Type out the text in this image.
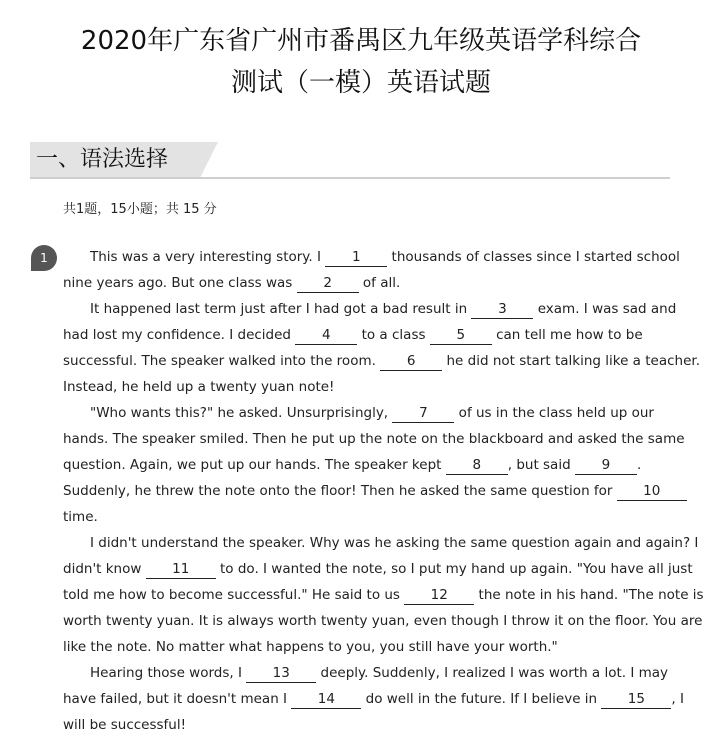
2020年广东省广州市番禺区九年级英语学科综合
测试（一模）英语试题
一、语法选择
共1题，15小题；共 15 分
1	This was a very interesting story. I 1 thousands of classes since I started school
nine years ago. But one class was 2 of all.

It happened last term just after I had got a bad result in 3 exam. I was sad and
had lost my confidence. I decided 4 to a class 5 can tell me how to be
successful. The speaker walked into the room. 6 he did not start talking like a teacher.
Instead, he held up a twenty yuan note!

"Who wants this?" he asked. Unsurprisingly, 7 of us in the class held up our
hands. The speaker smiled. Then he put up the note on the blackboard and asked the same
question. Again, we put up our hands. The speaker kept 8 , but said 9 .
Suddenly, he threw the note onto the floor! Then he asked the same question for 10
time.

I didn't understand the speaker. Why was he asking the same question again and again? I
didn't know 11 to do. I wanted the note, so I put my hand up again. "You have all just
told me how to become successful." He said to us 12 the note in his hand. "The note is
worth twenty yuan. It is always worth twenty yuan, even though I throw it on the floor. You are
like the note. No matter what happens to you, you still have your worth."

Hearing those words, I 13 deeply. Suddenly, I realized I was worth a lot. I may
have failed, but it doesn't mean I 14 do well in the future. If I believe in 15 , I
will be successful!
